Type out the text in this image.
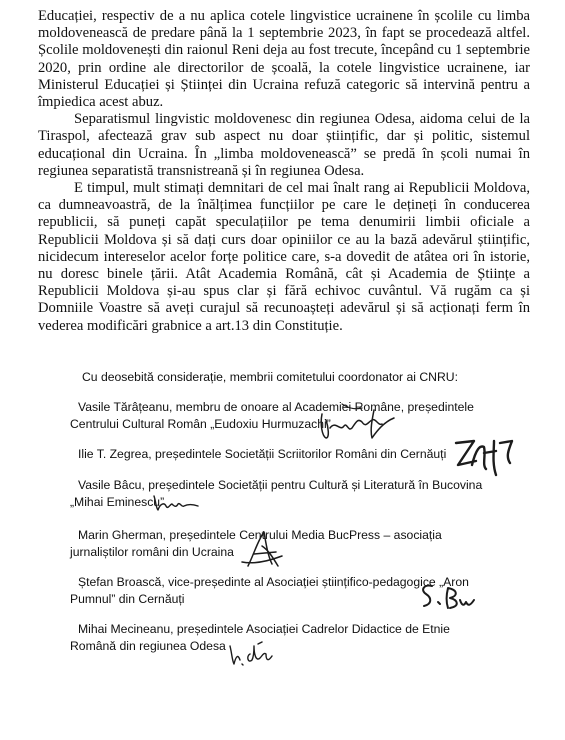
Educației, respectiv de a nu aplica cotele lingvistice ucrainene în școlile cu limba moldovenească de predare până la 1 septembrie 2023, în fapt se procedează altfel. Școlile moldovenești din raionul Reni deja au fost trecute, începând cu 1 septembrie 2020, prin ordine ale directorilor de școală, la cotele lingvistice ucrainene, iar Ministerul Educației și Științei din Ucraina refuză categoric să intervină pentru a împiedica acest abuz.

Separatismul lingvistic moldovenesc din regiunea Odesa, aidoma celui de la Tiraspol, afectează grav sub aspect nu doar științific, dar și politic, sistemul educațional din Ucraina. În „limba moldovenească” se predă în școli numai în regiunea separatistă transnistreană și în regiunea Odesa.

E timpul, mult stimați demnitari de cel mai înalt rang ai Republicii Moldova, ca dumneavoastră, de la înălțimea funcțiilor pe care le dețineți în conducerea republicii, să puneți capăt speculațiilor pe tema denumirii limbii oficiale a Republicii Moldova și să dați curs doar opiniilor ce au la bază adevărul științific, nicidecum intereselor acelor forțe politice care, s-a dovedit de atâtea ori în istorie, nu doresc binele țării. Atât Academia Română, cât și Academia de Științe a Republicii Moldova și-au spus clar și fără echivoc cuvântul. Vă rugăm ca și Domniile Voastre să aveți curajul să recunoașteți adevărul și să acționați ferm în vederea modificări grabnice a art.13 din Constituție.

Cu deosebită considerație, membrii comitetului coordonator ai CNRU:
Vasile Tărâțeanu, membru de onoare al Academiei Române, președintele
Centrului Cultural Român „Eudoxiu Hurmuzachi”
Ilie T. Zegrea, președintele Societății Scriitorilor Români din Cernăuți
Vasile Bâcu, președintele Societății pentru Cultură și Literatură în Bucovina
„Mihai Eminescu”
Marin Gherman, președintele Centrului Media BucPress – asociația
jurnaliștilor români din Ucraina
Ștefan Broască, vice-președinte al Asociației științifico-pedagogice „Aron
Pumnul” din Cernăuți
Mihai Mecineanu, președintele Asociației Cadrelor Didactice de Etnie
Română din regiunea Odesa
